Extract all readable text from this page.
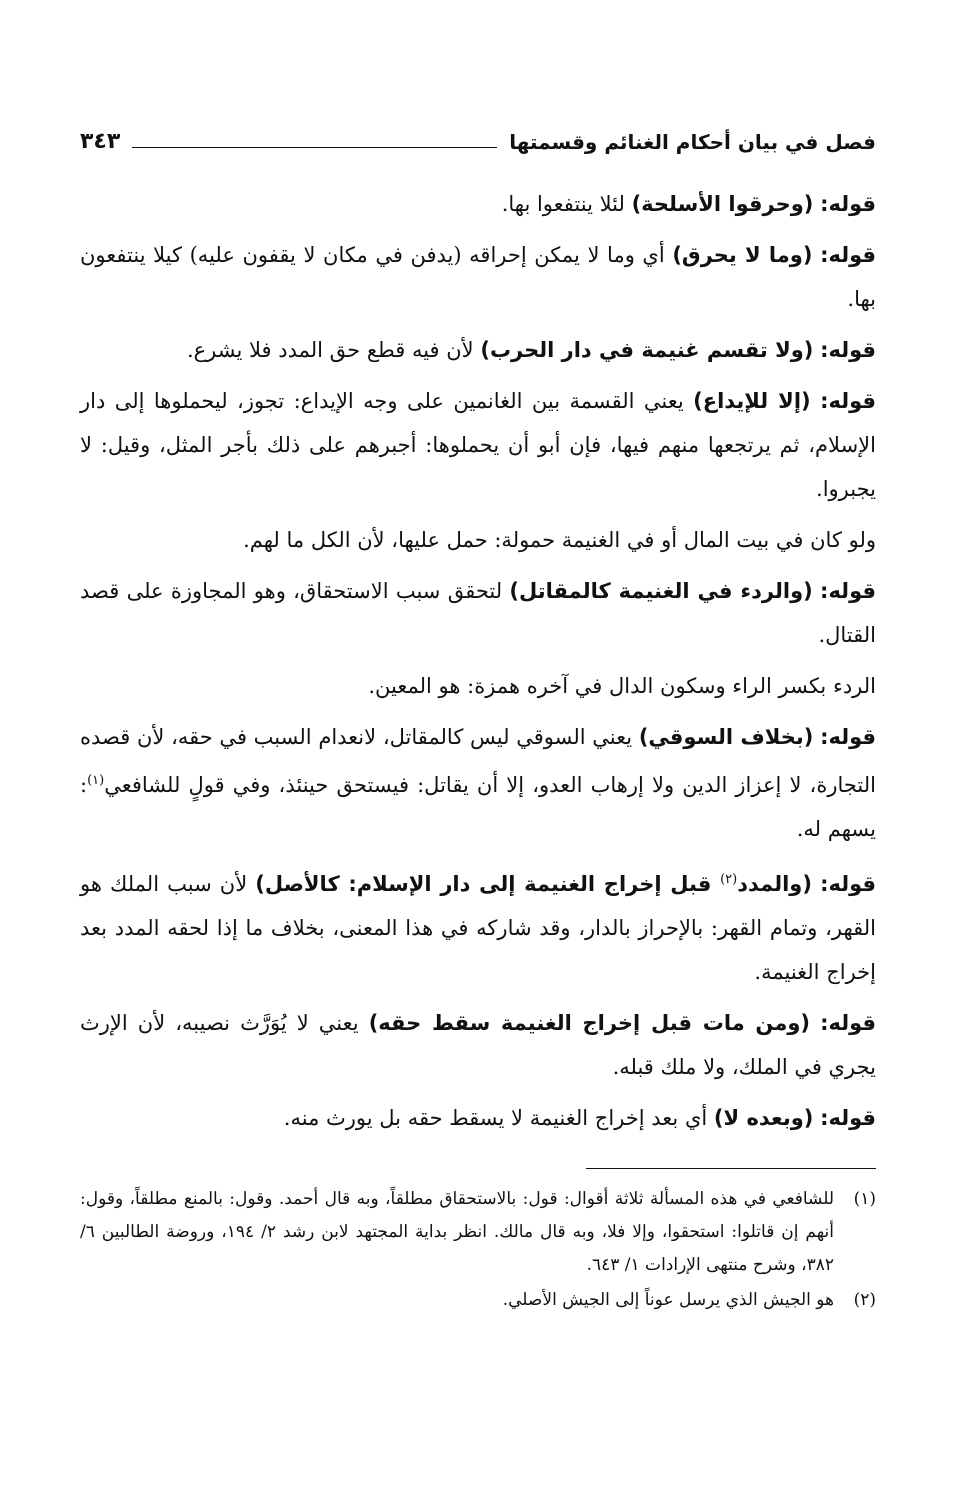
فصل في بيان أحكام الغنائم وقسمتها
٣٤٣

قوله: (وحرقوا الأسلحة) لئلا ينتفعوا بها.

قوله: (وما لا يحرق) أي وما لا يمكن إحراقه (يدفن في مكان لا يقفون عليه) كيلا ينتفعون بها.

قوله: (ولا تقسم غنيمة في دار الحرب) لأن فيه قطع حق المدد فلا يشرع.

قوله: (إلا للإيداع) يعني القسمة بين الغانمين على وجه الإيداع: تجوز، ليحملوها إلى دار الإسلام، ثم يرتجعها منهم فيها، فإن أبو أن يحملوها: أجبرهم على ذلك بأجر المثل، وقيل: لا يجبروا.

ولو كان في بيت المال أو في الغنيمة حمولة: حمل عليها، لأن الكل ما لهم.

قوله: (والردء في الغنيمة كالمقاتل) لتحقق سبب الاستحقاق، وهو المجاوزة على قصد القتال.

الردء بكسر الراء وسكون الدال في آخره همزة: هو المعين.

قوله: (بخلاف السوقي) يعني السوقي ليس كالمقاتل، لانعدام السبب في حقه، لأن قصده التجارة، لا إعزاز الدين ولا إرهاب العدو، إلا أن يقاتل: فيستحق حينئذ، وفي قولٍ للشافعي$^{(١)}$: يسهم له.

قوله: (والمدد$^{(٢)}$ قبل إخراج الغنيمة إلى دار الإسلام: كالأصل) لأن سبب الملك هو القهر، وتمام القهر: بالإحراز بالدار، وقد شاركه في هذا المعنى، بخلاف ما إذا لحقه المدد بعد إخراج الغنيمة.

قوله: (ومن مات قبل إخراج الغنيمة سقط حقه) يعني لا يُوَرَّث نصيبه، لأن الإرث يجري في الملك، ولا ملك قبله.

قوله: (وبعده لا) أي بعد إخراج الغنيمة لا يسقط حقه بل يورث منه.

(١)
للشافعي في هذه المسألة ثلاثة أقوال: قول: بالاستحقاق مطلقاً، وبه قال أحمد. وقول: بالمنع مطلقاً، وقول: أنهم إن قاتلوا: استحقوا، وإلا فلا، وبه قال مالك. انظر بداية المجتهد لابن رشد ٢/ ١٩٤، وروضة الطالبين ٦/ ٣٨٢، وشرح منتهى الإرادات ١/ ٦٤٣.
(٢)
هو الجيش الذي يرسل عوناً إلى الجيش الأصلي.
